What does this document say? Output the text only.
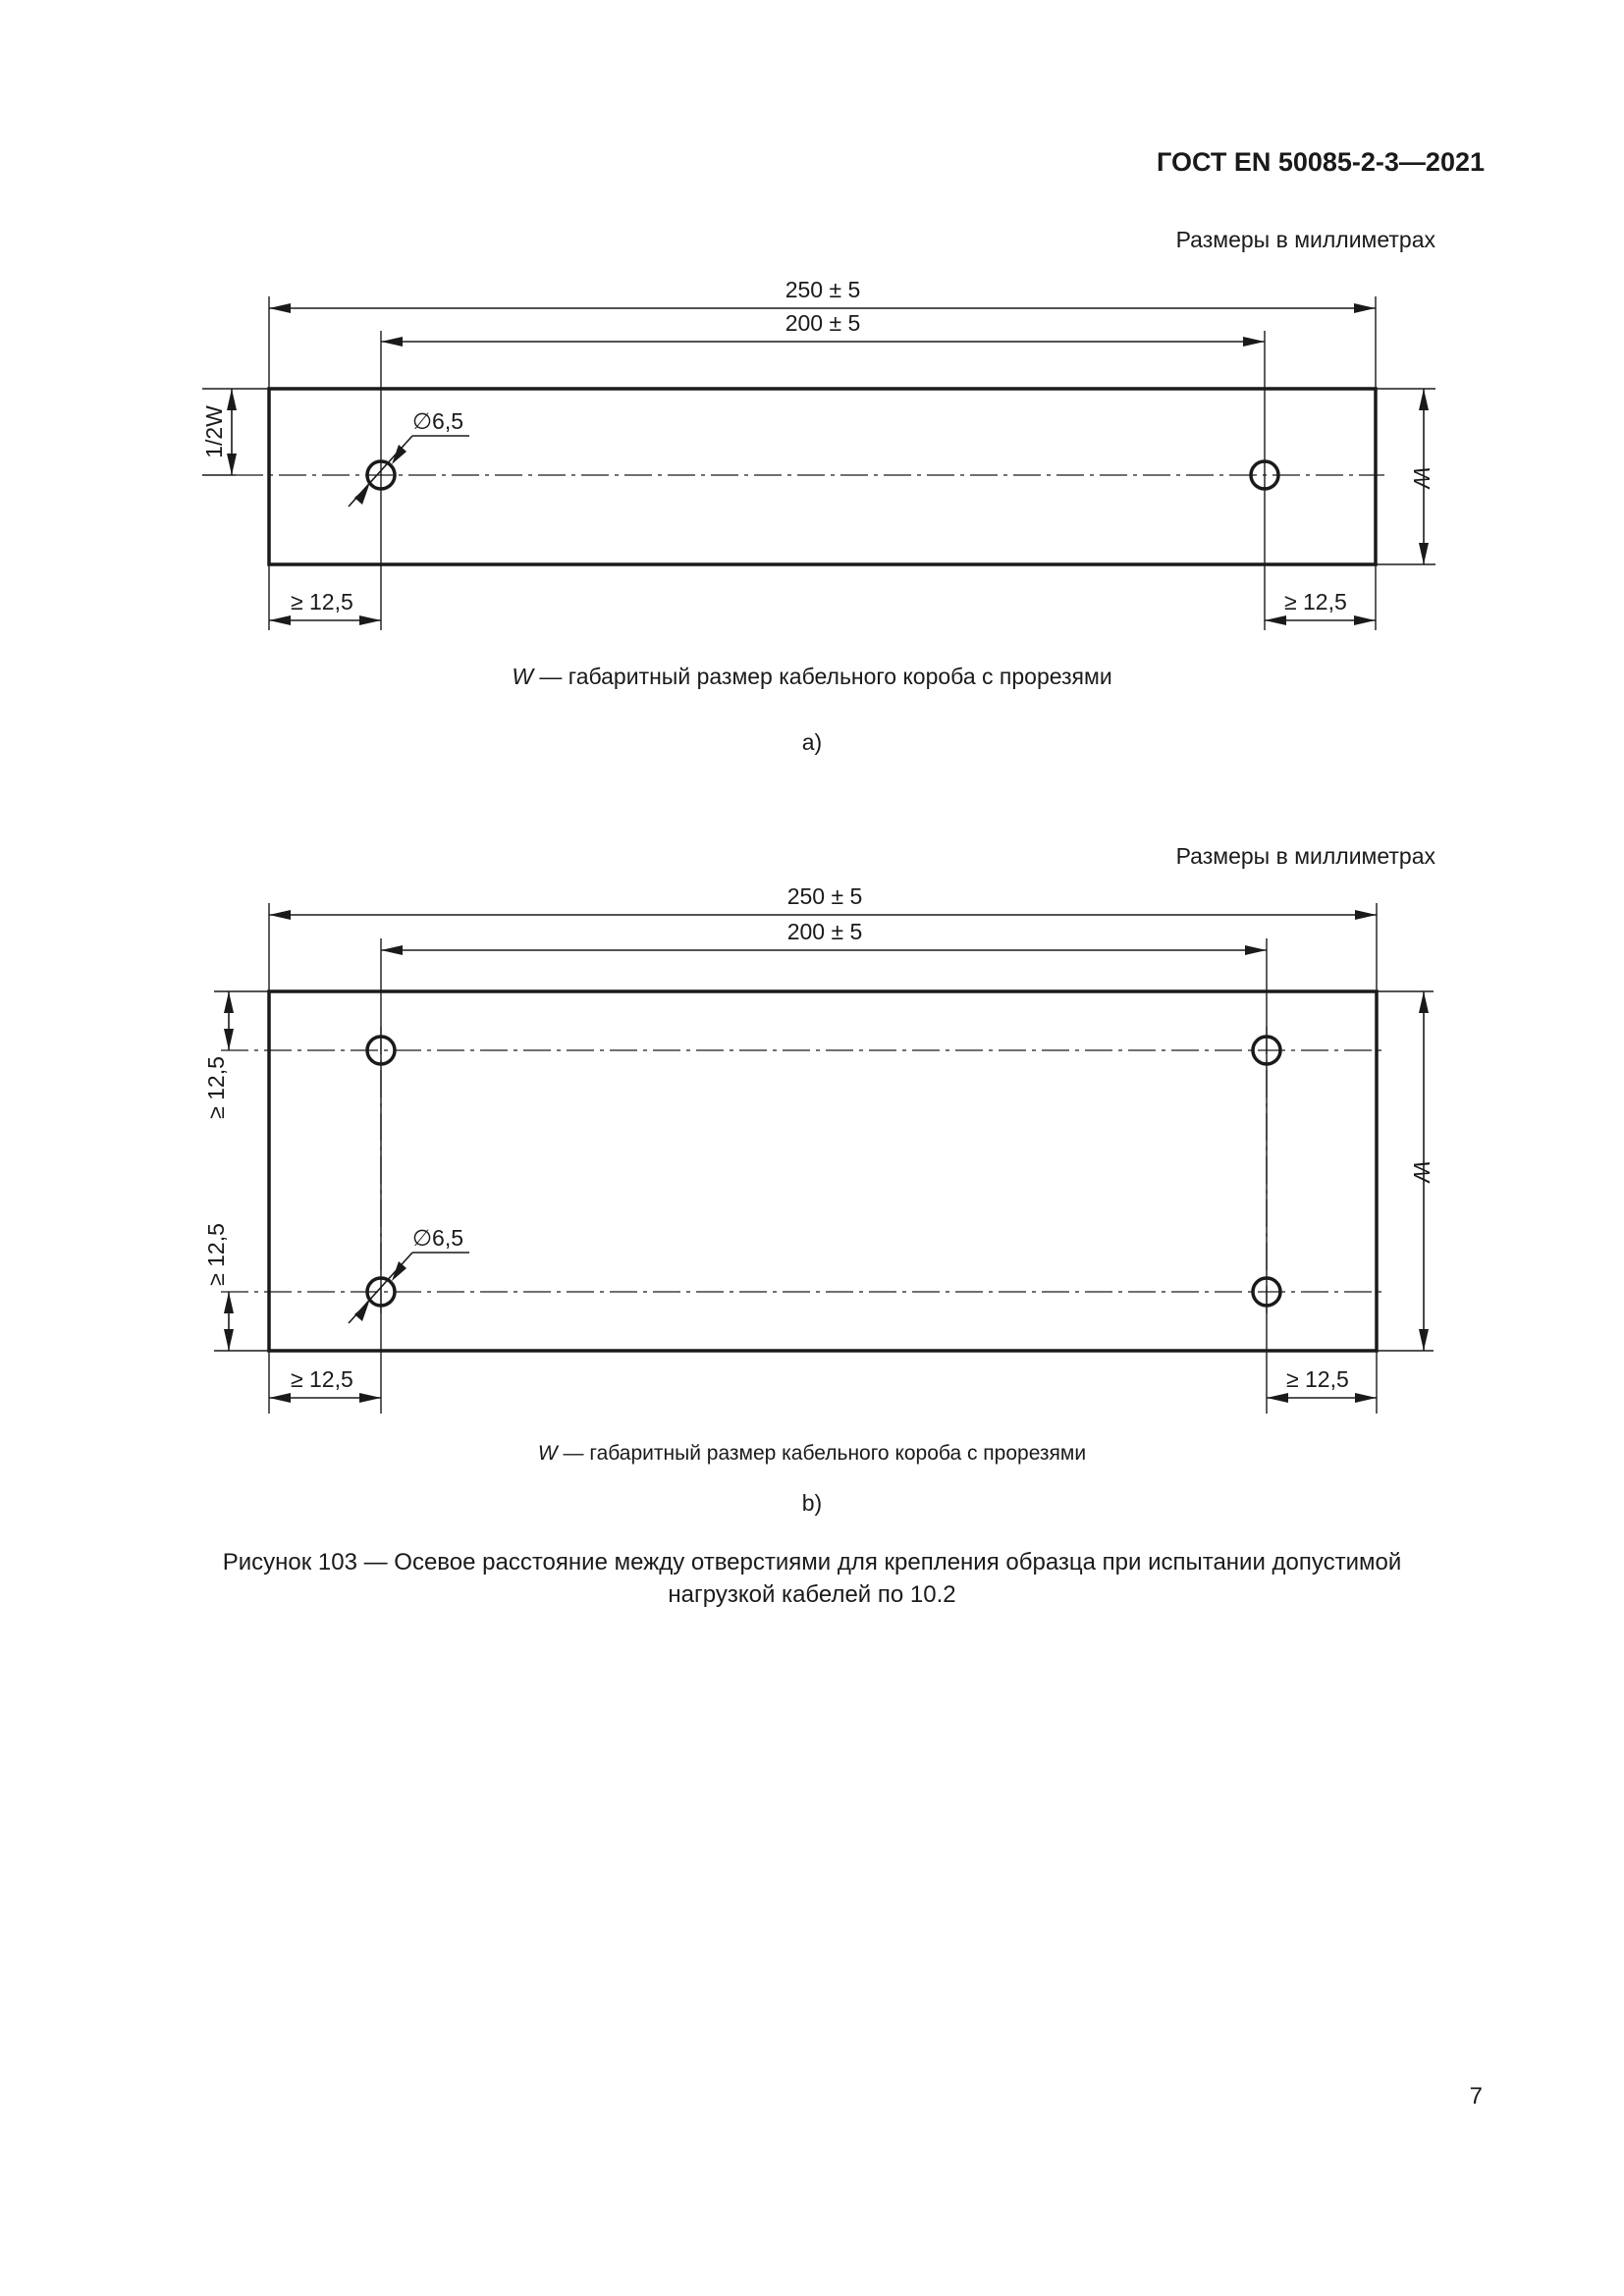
ГОСТ EN 50085-2-3—2021
Размеры в миллиметрах
250 ± 5
200 ± 5
1/2W
W
∅6,5
≥ 12,5	≥ 12,5
W — габаритный размер кабельного короба с прорезями
a)
Размеры в миллиметрах
250 ± 5
200 ± 5
≥ 12,5
≥ 12,5
W
∅6,5
≥ 12,5	≥ 12,5
W — габаритный размер кабельного короба с прорезями
b)
Рисунок 103 — Осевое расстояние между отверстиями для крепления образца при испытании допустимой
нагрузкой кабелей по 10.2
7
